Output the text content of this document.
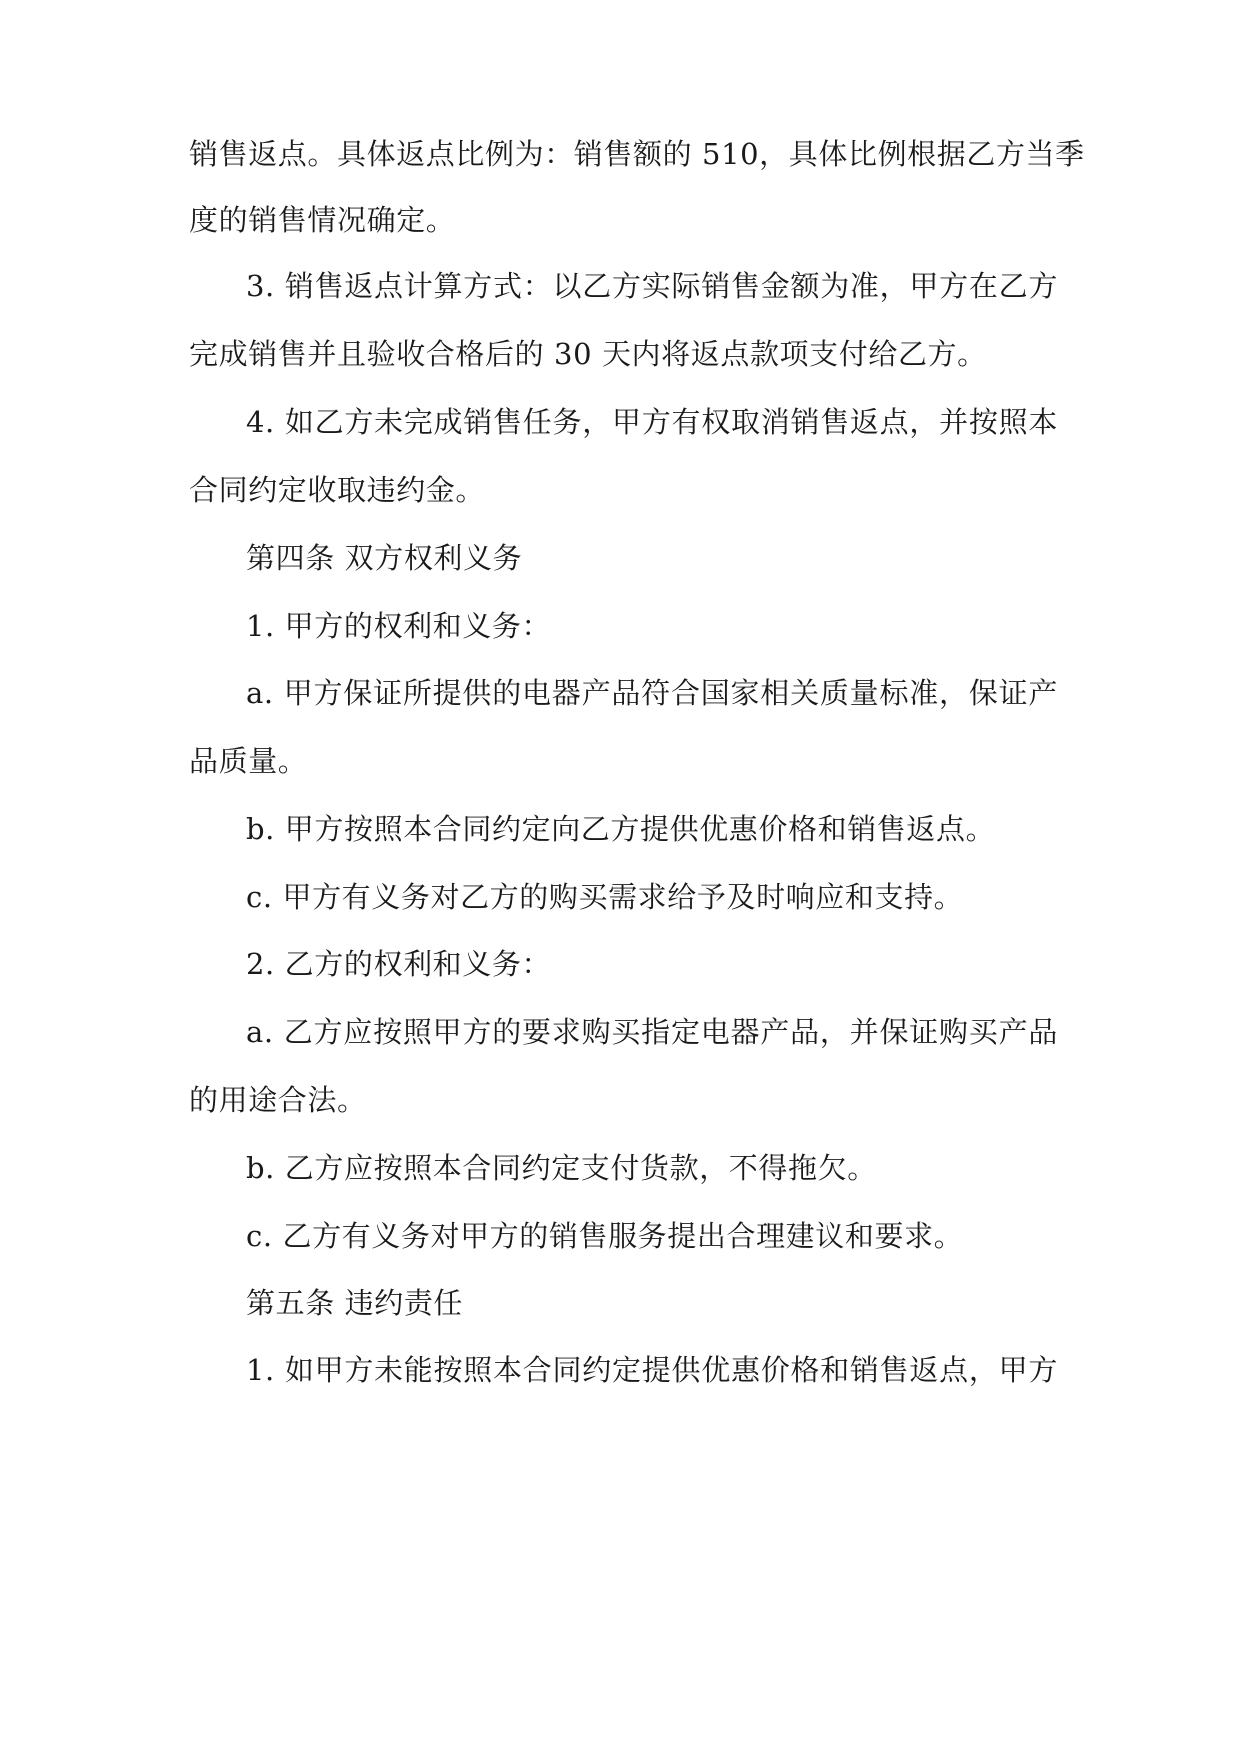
销售返点。具体返点比例为：销售额的 510，具体比例根据乙方当季
度的销售情况确定。
3. 销售返点计算方式：以乙方实际销售金额为准，甲方在乙方
完成销售并且验收合格后的 30 天内将返点款项支付给乙方。
4. 如乙方未完成销售任务，甲方有权取消销售返点，并按照本
合同约定收取违约金。
第四条 双方权利义务
1. 甲方的权利和义务：
a. 甲方保证所提供的电器产品符合国家相关质量标准，保证产
品质量。
b. 甲方按照本合同约定向乙方提供优惠价格和销售返点。
c. 甲方有义务对乙方的购买需求给予及时响应和支持。
2. 乙方的权利和义务：
a. 乙方应按照甲方的要求购买指定电器产品，并保证购买产品
的用途合法。
b. 乙方应按照本合同约定支付货款，不得拖欠。
c. 乙方有义务对甲方的销售服务提出合理建议和要求。
第五条 违约责任
1. 如甲方未能按照本合同约定提供优惠价格和销售返点，甲方
